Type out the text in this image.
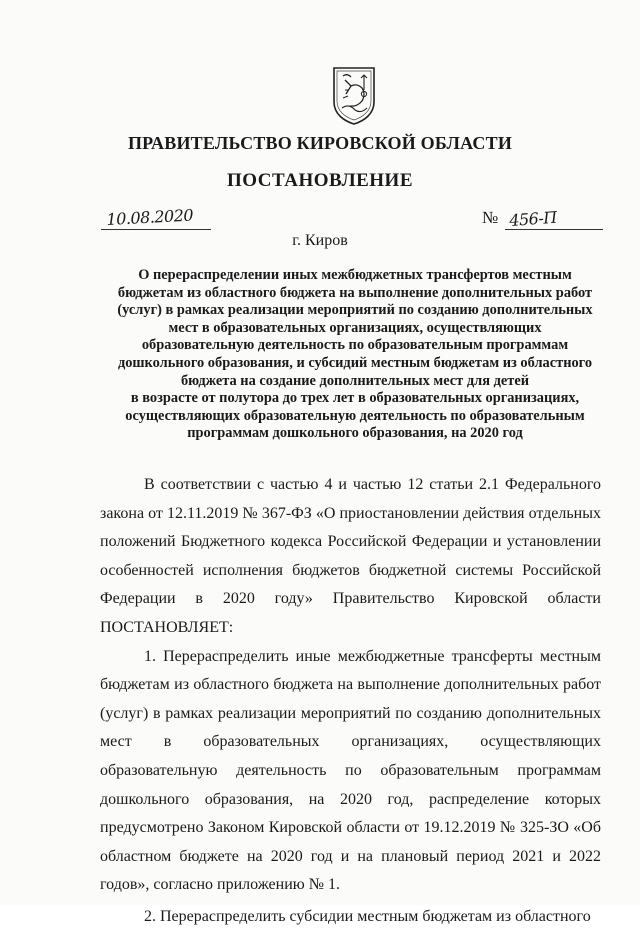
ПРАВИТЕЛЬСТВО КИРОВСКОЙ ОБЛАСТИ
ПОСТАНОВЛЕНИЕ
10.08.2020	№ 456-П
г. Киров
О перераспределении иных межбюджетных трансфертов местным
бюджетам из областного бюджета на выполнение дополнительных работ
(услуг) в рамках реализации мероприятий по созданию дополнительных
мест в образовательных организациях, осуществляющих
образовательную деятельность по образовательным программам
дошкольного образования, и субсидий местным бюджетам из областного
бюджета на создание дополнительных мест для детей
в возрасте от полутора до трех лет в образовательных организациях,
осуществляющих образовательную деятельность по образовательным
программам дошкольного образования, на 2020 год

В соответствии с частью 4 и частью 12 статьи 2.1 Федерального закона от 12.11.2019 № 367-ФЗ «О приостановлении действия отдельных положений Бюджетного кодекса Российской Федерации и установлении особенностей исполнения бюджетов бюджетной системы Российской Федерации в 2020 году» Правительство Кировской области ПОСТАНОВЛЯЕТ:

1. Перераспределить иные межбюджетные трансферты местным бюджетам из областного бюджета на выполнение дополнительных работ (услуг) в рамках реализации мероприятий по созданию дополнительных мест в образовательных организациях, осуществляющих образовательную деятельность по образовательным программам дошкольного образования, на 2020 год, распределение которых предусмотрено Законом Кировской области от 19.12.2019 № 325-ЗО «Об областном бюджете на 2020 год и на плановый период 2021 и 2022 годов», согласно приложению № 1.

2. Перераспределить субсидии местным бюджетам из областного
